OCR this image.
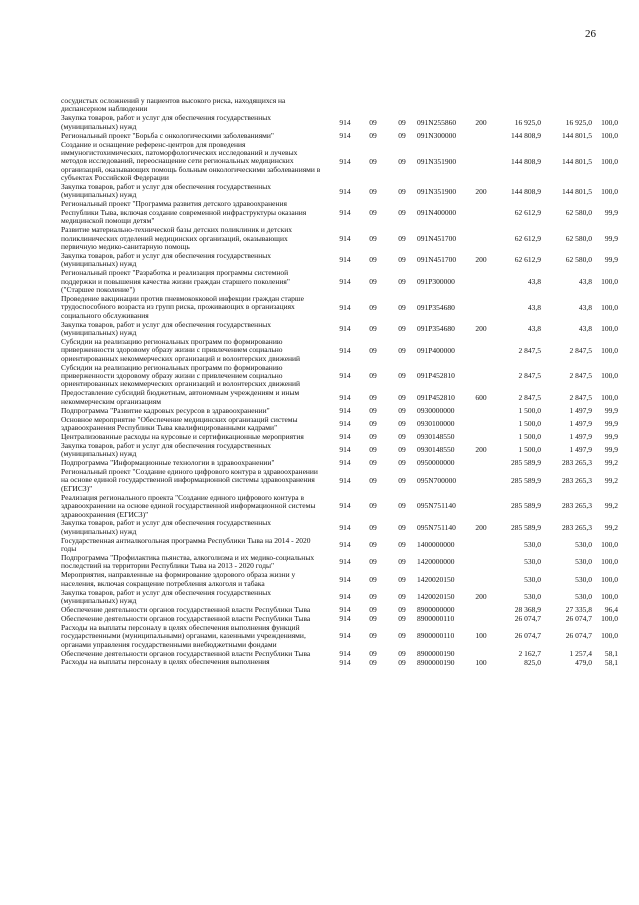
26
сосудистых осложнений у пациентов высокого риска, находящихся на диспансерном наблюдении								
Закупка товаров, работ и услуг для обеспечения государственных (муниципальных) нужд	914	09	09	091N255860	200	16 925,0	16 925,0	100,0
Региональный проект "Борьба с онкологическими заболеваниями"	914	09	09	091N300000		144 808,9	144 801,5	100,0
Создание и оснащение референс-центров для проведения иммуногистохимических, патоморфологических исследований и лучевых методов исследований, переоснащение сети региональных медицинских организаций, оказывающих помощь больным онкологическими заболеваниями в субъектах Российской Федерации	914	09	09	091N351900		144 808,9	144 801,5	100,0
Закупка товаров, работ и услуг для обеспечения государственных (муниципальных) нужд	914	09	09	091N351900	200	144 808,9	144 801,5	100,0
Региональный проект "Программа развития детского здравоохранения Республики Тыва, включая создание современной инфраструктуры оказания медицинской помощи детям"	914	09	09	091N400000		62 612,9	62 580,0	99,9
Развитие материально-технической базы детских поликлиник и детских поликлинических отделений медицинских организаций, оказывающих первичную медико-санитарную помощь	914	09	09	091N451700		62 612,9	62 580,0	99,9
Закупка товаров, работ и услуг для обеспечения государственных (муниципальных) нужд	914	09	09	091N451700	200	62 612,9	62 580,0	99,9
Региональный проект "Разработка и реализация программы системной поддержки и повышения качества жизни граждан старшего поколения" ("Старшее поколение")	914	09	09	091P300000		43,8	43,8	100,0
Проведение вакцинации против пневмококковой инфекции граждан старше трудоспособного возраста из групп риска, проживающих в организациях социального обслуживания	914	09	09	091P354680		43,8	43,8	100,0
Закупка товаров, работ и услуг для обеспечения государственных (муниципальных) нужд	914	09	09	091P354680	200	43,8	43,8	100,0
Субсидии на реализацию региональных программ по формированию приверженности здоровому образу жизни с привлечением социально ориентированных некоммерческих организаций и волонтерских движений	914	09	09	091P400000		2 847,5	2 847,5	100,0
Субсидии на реализацию региональных программ по формированию приверженности здоровому образу жизни с привлечением социально ориентированных некоммерческих организаций и волонтерских движений	914	09	09	091P452810		2 847,5	2 847,5	100,0
Предоставление субсидий бюджетным, автономным учреждениям и иным некоммерческим организациям	914	09	09	091P452810	600	2 847,5	2 847,5	100,0
Подпрограмма "Развитие кадровых ресурсов в здравоохранении"	914	09	09	0930000000		1 500,0	1 497,9	99,9
Основное мероприятие "Обеспечение медицинских организаций системы здравоохранения Республики Тыва квалифицированными кадрами"	914	09	09	0930100000		1 500,0	1 497,9	99,9
Централизованные расходы на курсовые и сертификационные мероприятия	914	09	09	0930148550		1 500,0	1 497,9	99,9
Закупка товаров, работ и услуг для обеспечения государственных (муниципальных) нужд	914	09	09	0930148550	200	1 500,0	1 497,9	99,9
Подпрограмма "Информационные технологии в здравоохранении"	914	09	09	0950000000		285 589,9	283 265,3	99,2
Региональный проект "Создание единого цифрового контура в здравоохранении на основе единой государственной информационной системы здравоохранения (ЕГИСЗ)"	914	09	09	095N700000		285 589,9	283 265,3	99,2
Реализация регионального проекта "Создание единого цифрового контура в здравоохранении на основе единой государственной информационной системы здравоохранения (ЕГИСЗ)"	914	09	09	095N751140		285 589,9	283 265,3	99,2
Закупка товаров, работ и услуг для обеспечения государственных (муниципальных) нужд	914	09	09	095N751140	200	285 589,9	283 265,3	99,2
Государственная антиалкогольная программа Республики Тыва на 2014 - 2020 годы	914	09	09	1400000000		530,0	530,0	100,0
Подпрограмма "Профилактика пьянства, алкоголизма и их медико-социальных последствий на территории Республики Тыва на 2013 - 2020 годы"	914	09	09	1420000000		530,0	530,0	100,0
Мероприятия, направленные на формирование здорового образа жизни у населения, включая сокращение потребления алкоголя и табака	914	09	09	1420020150		530,0	530,0	100,0
Закупка товаров, работ и услуг для обеспечения государственных (муниципальных) нужд	914	09	09	1420020150	200	530,0	530,0	100,0
Обеспечение деятельности органов государственной власти Республики Тыва	914	09	09	8900000000		28 368,9	27 335,8	96,4
Обеспечение деятельности органов государственной власти Республики Тыва	914	09	09	8900000110		26 074,7	26 074,7	100,0
Расходы на выплаты персоналу в целях обеспечения выполнения функций государственными (муниципальными) органами, казенными учреждениями, органами управления государственными внебюджетными фондами	914	09	09	8900000110	100	26 074,7	26 074,7	100,0
Обеспечение деятельности органов государственной власти Республики Тыва	914	09	09	8900000190		2 162,7	1 257,4	58,1
Расходы на выплаты персоналу в целях обеспечения выполнения	914	09	09	8900000190	100	825,0	479,0	58,1
